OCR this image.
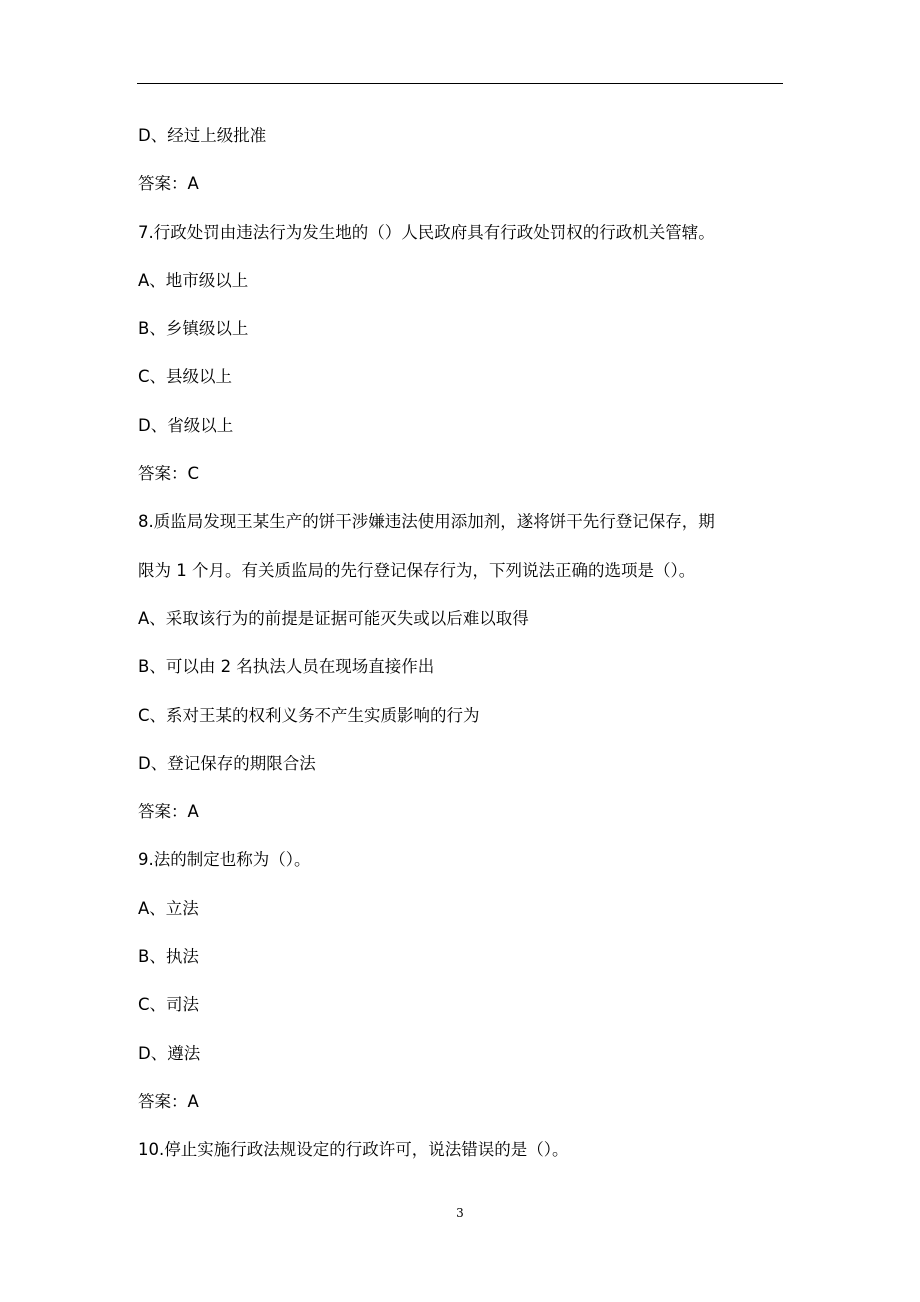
D、经过上级批准
答案：A
7.行政处罚由违法行为发生地的（）人民政府具有行政处罚权的行政机关管辖。
A、地市级以上
B、乡镇级以上
C、县级以上
D、省级以上
答案：C
8.质监局发现王某生产的饼干涉嫌违法使用添加剂，遂将饼干先行登记保存，期
限为 1 个月。有关质监局的先行登记保存行为，下列说法正确的选项是（）。
A、采取该行为的前提是证据可能灭失或以后难以取得
B、可以由 2 名执法人员在现场直接作出
C、系对王某的权利义务不产生实质影响的行为
D、登记保存的期限合法
答案：A
9.法的制定也称为（）。
A、立法
B、执法
C、司法
D、遵法
答案：A
10.停止实施行政法规设定的行政许可，说法错误的是（）。
3
